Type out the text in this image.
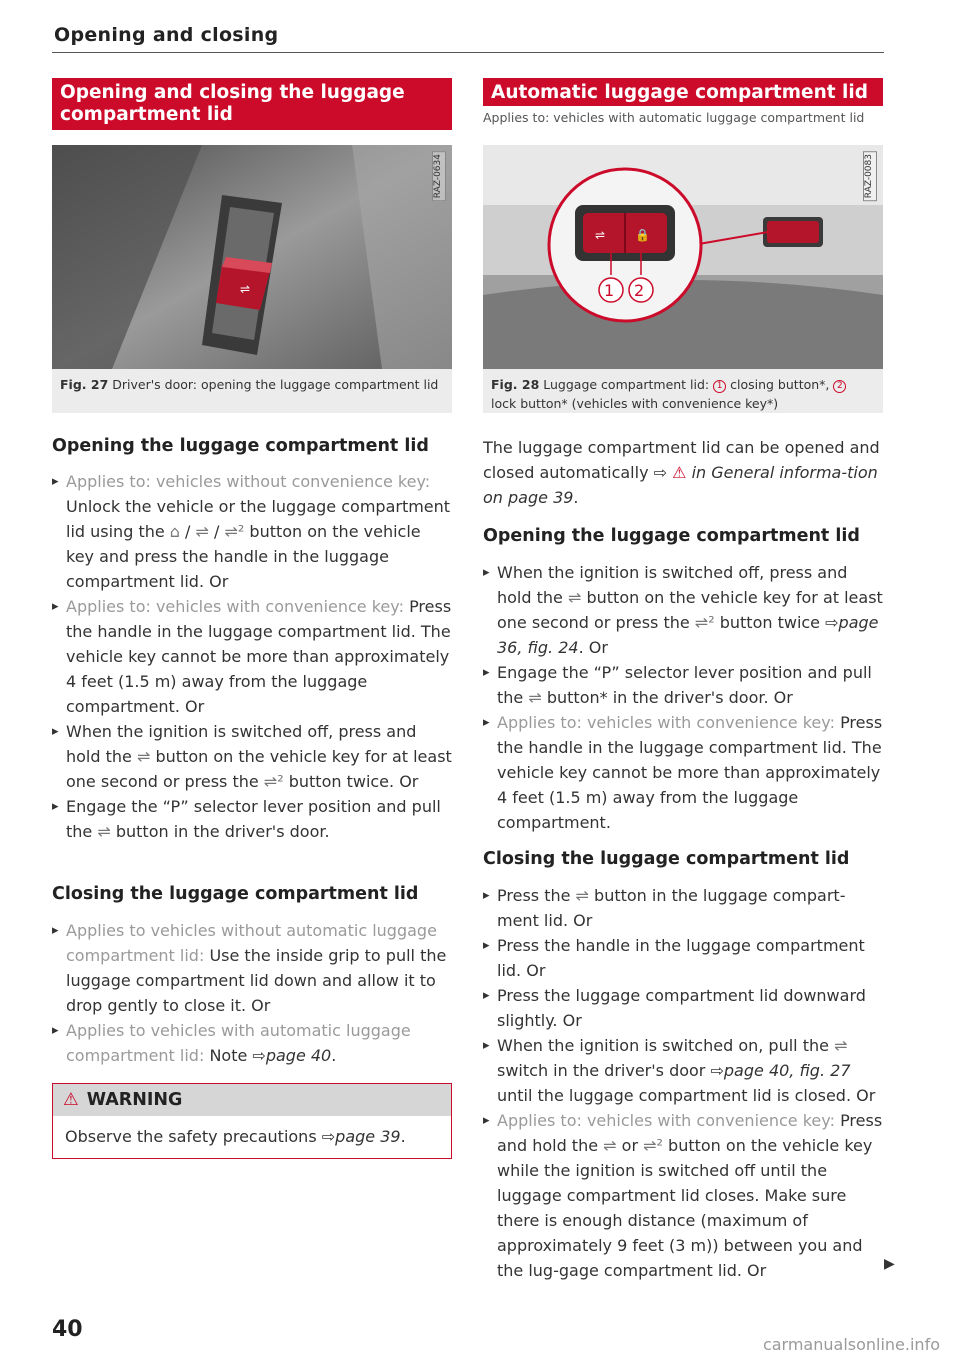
Opening and closing
Opening and closing the luggage
compartment lid
⇌
RAZ-0634
Fig. 27 Driver's door: opening the luggage compartment lid
Opening the luggage compartment lid
▸ Applies to: vehicles without convenience key: Unlock the vehicle or the luggage compartment lid using the ⌂ / ⇌ / ⇌² button on the vehicle key and press the handle in the luggage compartment lid. Or
▸ Applies to: vehicles with convenience key: Press the handle in the luggage compartment lid. The vehicle key cannot be more than approximately 4 feet (1.5 m) away from the luggage compartment. Or
▸ When the ignition is switched off, press and hold the ⇌ button on the vehicle key for at least one second or press the ⇌² button twice. Or
▸ Engage the “P” selector lever position and pull the ⇌ button in the driver's door.
Closing the luggage compartment lid
▸ Applies to vehicles without automatic luggage compartment lid: Use the inside grip to pull the luggage compartment lid down and allow it to drop gently to close it. Or
▸ Applies to vehicles with automatic luggage compartment lid: Note ⇨page 40.
⚠ WARNING
Observe the safety precautions ⇨page 39.
Automatic luggage compartment lid
Applies to: vehicles with automatic luggage compartment lid
⇌ 🔒
1 2
RAZ-0083
Fig. 28 Luggage compartment lid: 1 closing button*, 2 lock button* (vehicles with convenience key*)
The luggage compartment lid can be opened and closed automatically ⇨ ⚠ in General informa-tion on page 39.
Opening the luggage compartment lid
▸ When the ignition is switched off, press and hold the ⇌ button on the vehicle key for at least one second or press the ⇌² button twice ⇨page 36, fig. 24. Or
▸ Engage the “P” selector lever position and pull the ⇌ button* in the driver's door. Or
▸ Applies to: vehicles with convenience key: Press the handle in the luggage compartment lid. The vehicle key cannot be more than approximately 4 feet (1.5 m) away from the luggage compartment.
Closing the luggage compartment lid
▸ Press the ⇌ button in the luggage compart-ment lid. Or
▸ Press the handle in the luggage compartment lid. Or
▸ Press the luggage compartment lid downward slightly. Or
▸ When the ignition is switched on, pull the ⇌ switch in the driver's door ⇨page 40, fig. 27 until the luggage compartment lid is closed. Or
▸ Applies to: vehicles with convenience key: Press and hold the ⇌ or ⇌² button on the vehicle key while the ignition is switched off until the luggage compartment lid closes. Make sure there is enough distance (maximum of approximately 9 feet (3 m)) between you and the lug-gage compartment lid. Or	▶
40
carmanualsonline.info
